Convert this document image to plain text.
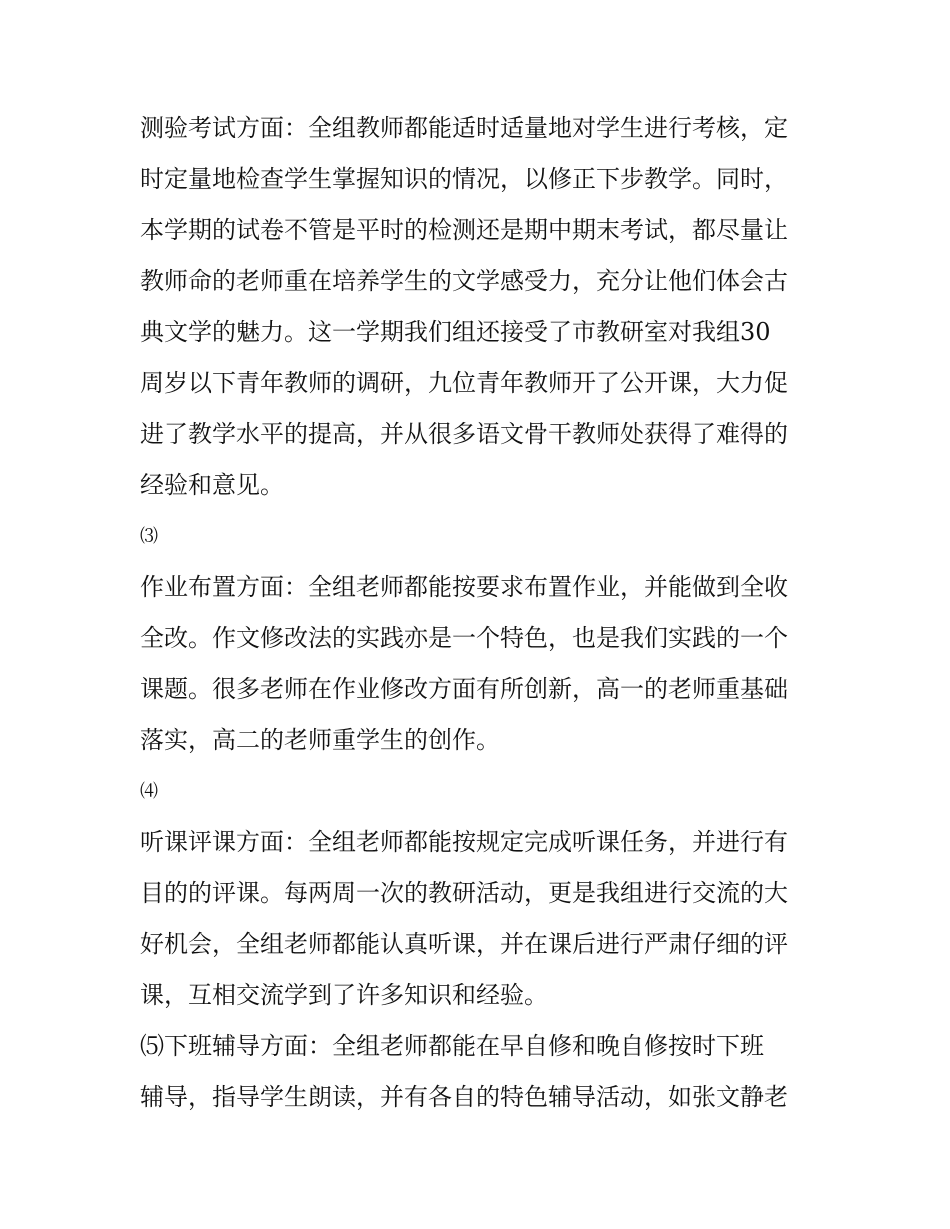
测验考试方面：全组教师都能适时适量地对学生进行考核，定
时定量地检查学生掌握知识的情况，以修正下步教学。同时，
本学期的试卷不管是平时的检测还是期中期末考试，都尽量让
教师命的老师重在培养学生的文学感受力，充分让他们体会古
典文学的魅力。这一学期我们组还接受了市教研室对我组30
周岁以下青年教师的调研，九位青年教师开了公开课，大力促
进了教学水平的提高，并从很多语文骨干教师处获得了难得的
经验和意见。
⑶
作业布置方面：全组老师都能按要求布置作业，并能做到全收
全改。作文修改法的实践亦是一个特色，也是我们实践的一个
课题。很多老师在作业修改方面有所创新，高一的老师重基础
落实，高二的老师重学生的创作。
⑷
听课评课方面：全组老师都能按规定完成听课任务，并进行有
目的的评课。每两周一次的教研活动，更是我组进行交流的大
好机会，全组老师都能认真听课，并在课后进行严肃仔细的评
课，互相交流学到了许多知识和经验。
⑸下班辅导方面：全组老师都能在早自修和晚自修按时下班
辅导，指导学生朗读，并有各自的特色辅导活动，如张文静老
